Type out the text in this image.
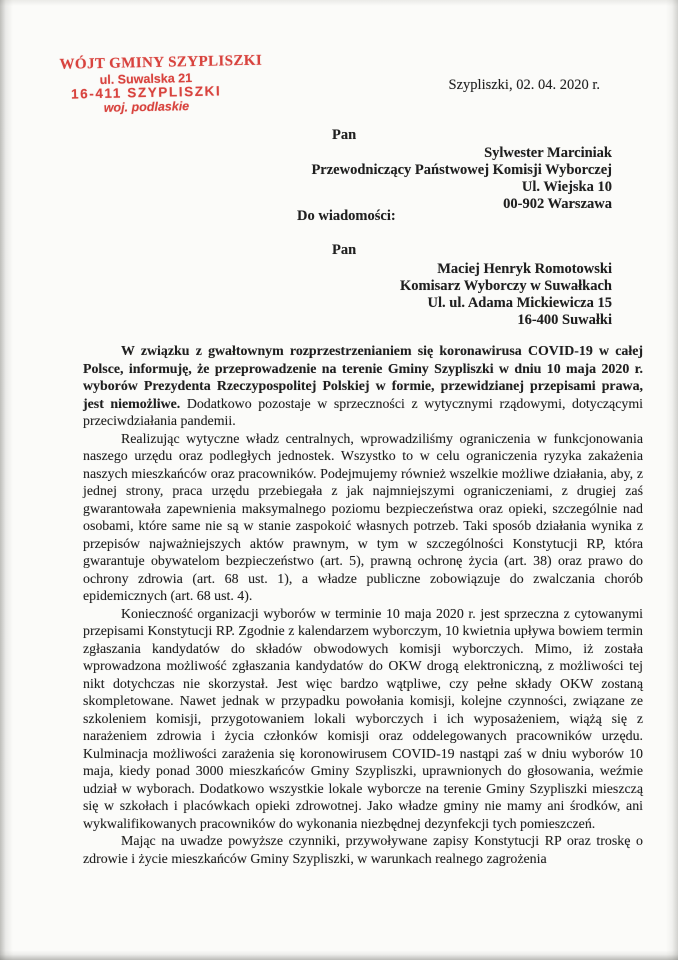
WÓJT GMINY SZYPLISZKI
ul. Suwalska 21
16-411 SZYPLISZKI
woj. podlaskie
Szypliszki, 02. 04. 2020 r.
Pan
Sylwester Marciniak
Przewodniczący Państwowej Komisji Wyborczej
Ul. Wiejska 10
00-902 Warszawa
Do wiadomości:
Pan
Maciej Henryk Romotowski
Komisarz Wyborczy w Suwałkach
Ul. ul. Adama Mickiewicza 15
16-400 Suwałki

W związku z gwałtownym rozprzestrzenianiem się koronawirusa COVID-19 w całej Polsce, informuję, że przeprowadzenie na terenie Gminy Szypliszki w dniu 10 maja 2020 r. wyborów Prezydenta Rzeczypospolitej Polskiej w formie, przewidzianej przepisami prawa, jest niemożliwe. Dodatkowo pozostaje w sprzeczności z wytycznymi rządowymi, dotyczącymi przeciwdziałania pandemii.

Realizując wytyczne władz centralnych, wprowadziliśmy ograniczenia w funkcjonowania naszego urzędu oraz podległych jednostek. Wszystko to w celu ograniczenia ryzyka zakażenia naszych mieszkańców oraz pracowników. Podejmujemy również wszelkie możliwe działania, aby, z jednej strony, praca urzędu przebiegała z jak najmniejszymi ograniczeniami, z drugiej zaś gwarantowała zapewnienia maksymalnego poziomu bezpieczeństwa oraz opieki, szczególnie nad osobami, które same nie są w stanie zaspokoić własnych potrzeb. Taki sposób działania wynika z przepisów najważniejszych aktów prawnym, w tym w szczególności Konstytucji RP, która gwarantuje obywatelom bezpieczeństwo (art. 5), prawną ochronę życia (art. 38) oraz prawo do ochrony zdrowia (art. 68 ust. 1), a władze publiczne zobowiązuje do zwalczania chorób epidemicznych (art. 68 ust. 4).

Konieczność organizacji wyborów w terminie 10 maja 2020 r. jest sprzeczna z cytowanymi przepisami Konstytucji RP. Zgodnie z kalendarzem wyborczym, 10 kwietnia upływa bowiem termin zgłaszania kandydatów do składów obwodowych komisji wyborczych. Mimo, iż została wprowadzona możliwość zgłaszania kandydatów do OKW drogą elektroniczną, z możliwości tej nikt dotychczas nie skorzystał. Jest więc bardzo wątpliwe, czy pełne składy OKW zostaną skompletowane. Nawet jednak w przypadku powołania komisji, kolejne czynności, związane ze szkoleniem komisji, przygotowaniem lokali wyborczych i ich wyposażeniem, wiążą się z narażeniem zdrowia i życia członków komisji oraz oddelegowanych pracowników urzędu. Kulminacja możliwości zarażenia się koronowirusem COVID-19 nastąpi zaś w dniu wyborów 10 maja, kiedy ponad 3000 mieszkańców Gminy Szypliszki, uprawnionych do głosowania, weźmie udział w wyborach. Dodatkowo wszystkie lokale wyborcze na terenie Gminy Szypliszki mieszczą się w szkołach i placówkach opieki zdrowotnej. Jako władze gminy nie mamy ani środków, ani wykwalifikowanych pracowników do wykonania niezbędnej dezynfekcji tych pomieszczeń.

Mając na uwadze powyższe czynniki, przywoływane zapisy Konstytucji RP oraz troskę o zdrowie i życie mieszkańców Gminy Szypliszki, w warunkach realnego zagrożenia
